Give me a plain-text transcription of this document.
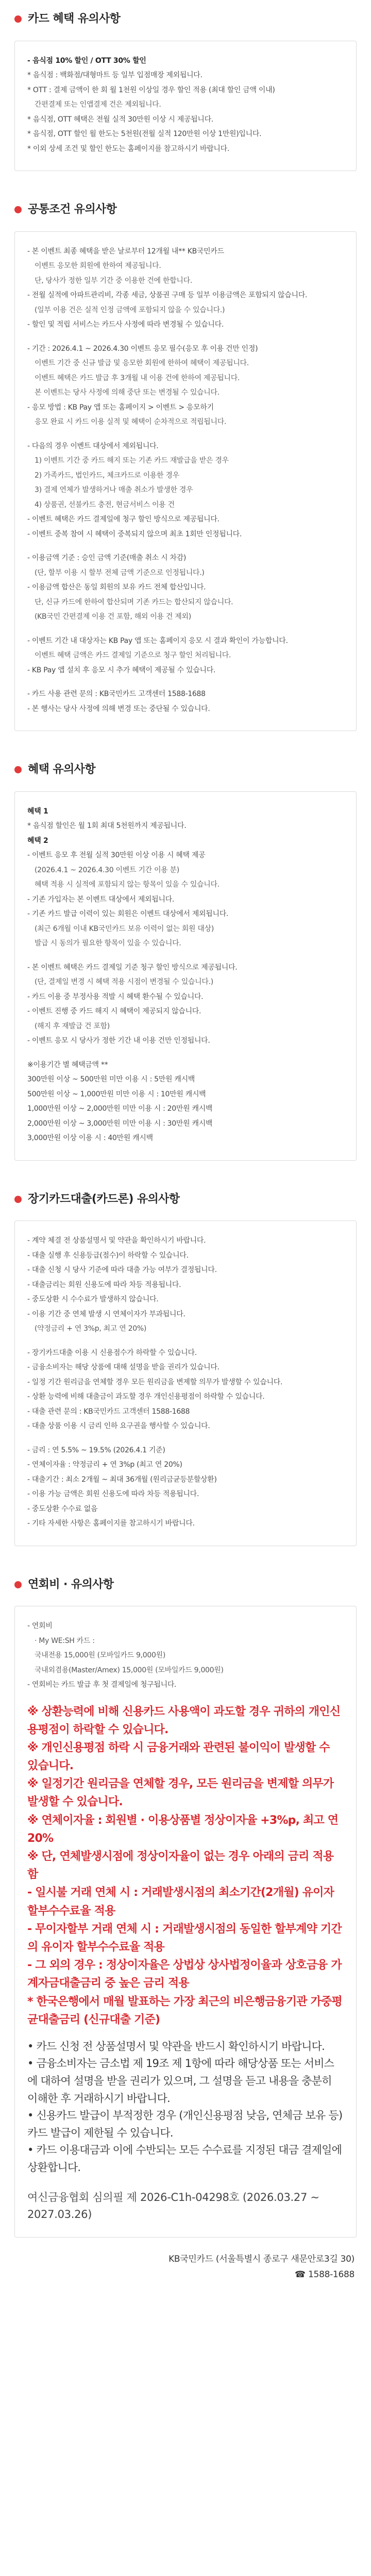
카드 혜택 유의사항
- 음식점 10% 할인 / OTT 30% 할인
* 음식점 : 백화점/대형마트 등 일부 입점매장 제외됩니다.
* OTT : 결제 금액이 한 회 월 1천원 이상일 경우 할인 적용 (최대 할인 금액 이내)
간편결제 또는 인앱결제 건은 제외됩니다.
* 음식점, OTT 혜택은 전월 실적 30만원 이상 시 제공됩니다.
* 음식점, OTT 할인 월 한도는 5천원(전월 실적 120만원 이상 1만원)입니다.
* 이외 상세 조건 및 할인 한도는 홈페이지를 참고하시기 바랍니다.
공통조건 유의사항
- 본 이벤트 최종 혜택을 받은 날로부터 12개월 내** KB국민카드
이벤트 응모한 회원에 한하여 제공됩니다.
단, 당사가 정한 일부 기간 중 이용한 건에 한합니다.
- 전월 실적에 아파트관리비, 각종 세금, 상품권 구매 등 일부 이용금액은 포함되지 않습니다.
(일부 이용 건은 실적 인정 금액에 포함되지 않을 수 있습니다.)
- 할인 및 적립 서비스는 카드사 사정에 따라 변경될 수 있습니다.
- 기간 : 2026.4.1 ~ 2026.4.30 이벤트 응모 필수(응모 후 이용 건만 인정)
이벤트 기간 중 신규 발급 및 응모한 회원에 한하여 혜택이 제공됩니다.
이벤트 혜택은 카드 발급 후 3개월 내 이용 건에 한하여 제공됩니다.
본 이벤트는 당사 사정에 의해 중단 또는 변경될 수 있습니다.
- 응모 방법 : KB Pay 앱 또는 홈페이지 > 이벤트 > 응모하기
응모 완료 시 카드 이용 실적 및 혜택이 순차적으로 적립됩니다.
- 다음의 경우 이벤트 대상에서 제외됩니다.
1) 이벤트 기간 중 카드 해지 또는 기존 카드 재발급을 받은 경우
2) 가족카드, 법인카드, 체크카드로 이용한 경우
3) 결제 연체가 발생하거나 매출 취소가 발생한 경우
4) 상품권, 선불카드 충전, 현금서비스 이용 건
- 이벤트 혜택은 카드 결제일에 청구 할인 방식으로 제공됩니다.
- 이벤트 중복 참여 시 혜택이 중복되지 않으며 최초 1회만 인정됩니다.
- 이용금액 기준 : 승인 금액 기준(매출 취소 시 차감)
(단, 할부 이용 시 할부 전체 금액 기준으로 인정됩니다.)
- 이용금액 합산은 동일 회원의 보유 카드 전체 합산입니다.
단, 신규 카드에 한하여 합산되며 기존 카드는 합산되지 않습니다.
(KB국민 간편결제 이용 건 포함, 해외 이용 건 제외)
- 이벤트 기간 내 대상자는 KB Pay 앱 또는 홈페이지 응모 시 결과 확인이 가능합니다.
이벤트 혜택 금액은 카드 결제일 기준으로 청구 할인 처리됩니다.
- KB Pay 앱 설치 후 응모 시 추가 혜택이 제공될 수 있습니다.
- 카드 사용 관련 문의 : KB국민카드 고객센터 1588-1688
- 본 행사는 당사 사정에 의해 변경 또는 중단될 수 있습니다.
혜택 유의사항
혜택 1
* 음식점 할인은 월 1회 최대 5천원까지 제공됩니다.
혜택 2
- 이벤트 응모 후 전월 실적 30만원 이상 이용 시 혜택 제공
(2026.4.1 ~ 2026.4.30 이벤트 기간 이용 분)
혜택 적용 시 실적에 포함되지 않는 항목이 있을 수 있습니다.
- 기존 가입자는 본 이벤트 대상에서 제외됩니다.
- 기존 카드 발급 이력이 있는 회원은 이벤트 대상에서 제외됩니다.
(최근 6개월 이내 KB국민카드 보유 이력이 없는 회원 대상)
발급 시 동의가 필요한 항목이 있을 수 있습니다.
- 본 이벤트 혜택은 카드 결제일 기준 청구 할인 방식으로 제공됩니다.
(단, 결제일 변경 시 혜택 적용 시점이 변경될 수 있습니다.)
- 카드 이용 중 부정사용 적발 시 혜택 환수될 수 있습니다.
- 이벤트 진행 중 카드 해지 시 혜택이 제공되지 않습니다.
(해지 후 재발급 건 포함)
- 이벤트 응모 시 당사가 정한 기간 내 이용 건만 인정됩니다.
※이용기간 별 혜택금액 **
300만원 이상 ~ 500만원 미만 이용 시 : 5만원 캐시백
500만원 이상 ~ 1,000만원 미만 이용 시 : 10만원 캐시백
1,000만원 이상 ~ 2,000만원 미만 이용 시 : 20만원 캐시백
2,000만원 이상 ~ 3,000만원 미만 이용 시 : 30만원 캐시백
3,000만원 이상 이용 시 : 40만원 캐시백
장기카드대출(카드론) 유의사항
- 계약 체결 전 상품설명서 및 약관을 확인하시기 바랍니다.
- 대출 실행 후 신용등급(점수)이 하락할 수 있습니다.
- 대출 신청 시 당사 기준에 따라 대출 가능 여부가 결정됩니다.
- 대출금리는 회원 신용도에 따라 차등 적용됩니다.
- 중도상환 시 수수료가 발생하지 않습니다.
- 이용 기간 중 연체 발생 시 연체이자가 부과됩니다.
(약정금리 + 연 3%p, 최고 연 20%)
- 장기카드대출 이용 시 신용점수가 하락할 수 있습니다.
- 금융소비자는 해당 상품에 대해 설명을 받을 권리가 있습니다.
- 일정 기간 원리금을 연체할 경우 모든 원리금을 변제할 의무가 발생할 수 있습니다.
- 상환 능력에 비해 대출금이 과도할 경우 개인신용평점이 하락할 수 있습니다.
- 대출 관련 문의 : KB국민카드 고객센터 1588-1688
- 대출 상품 이용 시 금리 인하 요구권을 행사할 수 있습니다.
- 금리 : 연 5.5% ~ 19.5% (2026.4.1 기준)
- 연체이자율 : 약정금리 + 연 3%p (최고 연 20%)
- 대출기간 : 최소 2개월 ~ 최대 36개월 (원리금균등분할상환)
- 이용 가능 금액은 회원 신용도에 따라 차등 적용됩니다.
- 중도상환 수수료 없음
- 기타 자세한 사항은 홈페이지를 참고하시기 바랍니다.
연회비 · 유의사항
- 연회비
· My WE:SH 카드 :
국내전용 15,000원 (모바일카드 9,000원)
국내외겸용(Master/Amex) 15,000원 (모바일카드 9,000원)
- 연회비는 카드 발급 후 첫 결제일에 청구됩니다.
※ 상환능력에 비해 신용카드 사용액이 과도할 경우 귀하의 개인신용평점이 하락할 수 있습니다.
※ 개인신용평점 하락 시 금융거래와 관련된 불이익이 발생할 수 있습니다.
※ 일정기간 원리금을 연체할 경우, 모든 원리금을 변제할 의무가 발생할 수 있습니다.
※ 연체이자율 : 회원별 · 이용상품별 정상이자율 +3%p, 최고 연 20%
※ 단, 연체발생시점에 정상이자율이 없는 경우 아래의 금리 적용함
- 일시불 거래 연체 시 : 거래발생시점의 최소기간(2개월) 유이자 할부수수료율 적용
- 무이자할부 거래 연체 시 : 거래발생시점의 동일한 할부계약 기간의 유이자 할부수수료율 적용
- 그 외의 경우 : 정상이자율은 상법상 상사법정이율과 상호금융 가계자금대출금리 중 높은 금리 적용
* 한국은행에서 매월 발표하는 가장 최근의 비은행금융기관 가중평균대출금리 (신규대출 기준)
• 카드 신청 전 상품설명서 및 약관을 반드시 확인하시기 바랍니다.
• 금융소비자는 금소법 제 19조 제 1항에 따라 해당상품 또는 서비스에 대하여 설명을 받을 권리가 있으며, 그 설명을 듣고 내용을 충분히 이해한 후 거래하시기 바랍니다.
• 신용카드 발급이 부적정한 경우 (개인신용평점 낮음, 연체금 보유 등) 카드 발급이 제한될 수 있습니다.
• 카드 이용대금과 이에 수반되는 모든 수수료를 지정된 대금 결제일에 상환합니다.
여신금융협회 심의필 제 2026-C1h-04298호 (2026.03.27 ~ 2027.03.26)
KB국민카드 (서울특별시 종로구 새문안로3길 30)
☎ 1588-1688
